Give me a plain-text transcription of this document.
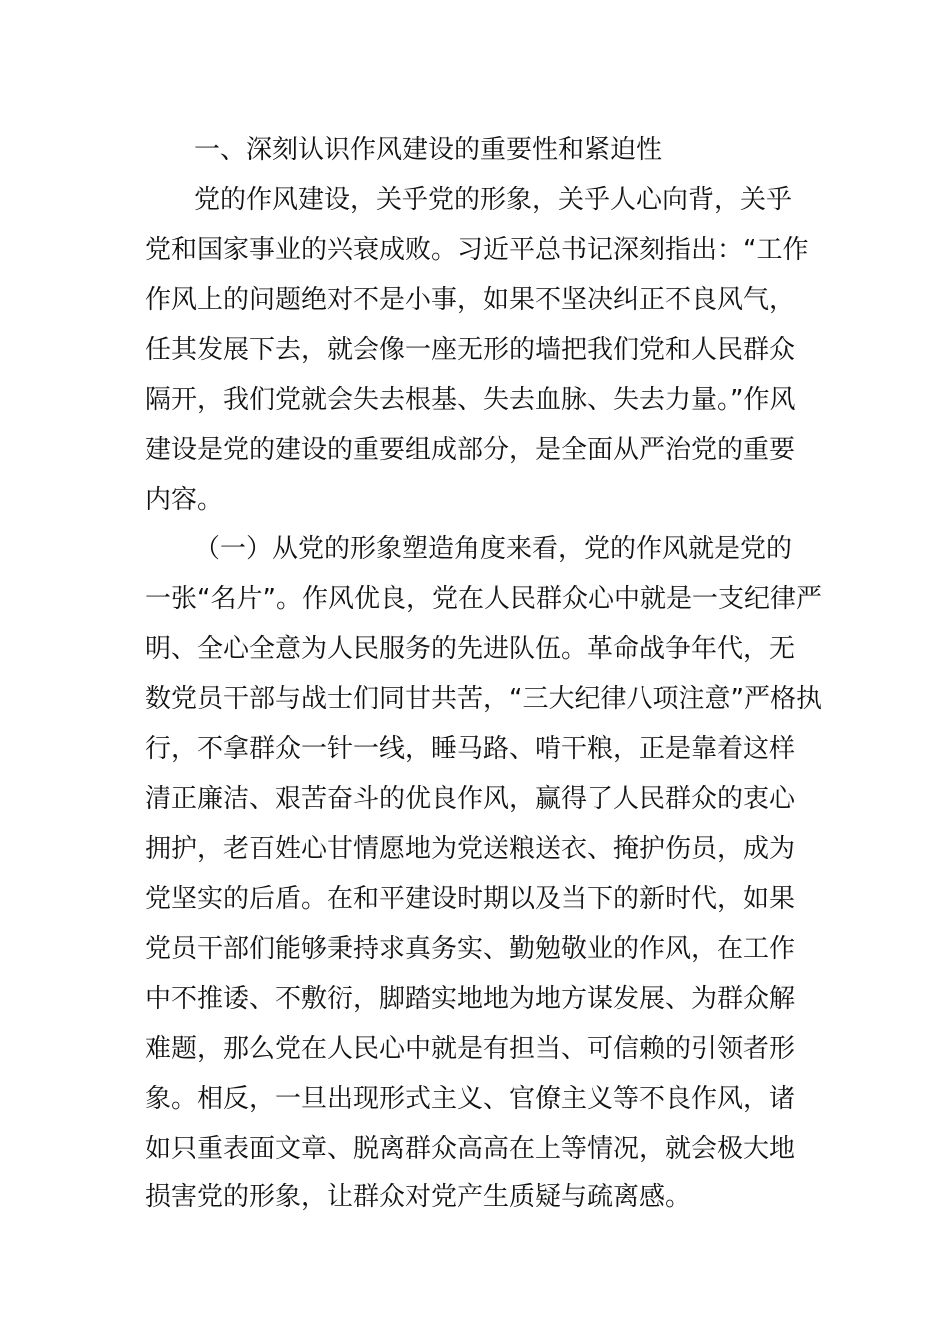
一、深刻认识作风建设的重要性和紧迫性
党的作风建设，关乎党的形象，关乎人心向背，关乎
党和国家事业的兴衰成败。习近平总书记深刻指出：“工作
作风上的问题绝对不是小事，如果不坚决纠正不良风气，
任其发展下去，就会像一座无形的墙把我们党和人民群众
隔开，我们党就会失去根基、失去血脉、失去力量。”作风
建设是党的建设的重要组成部分，是全面从严治党的重要
内容。
（一）从党的形象塑造角度来看，党的作风就是党的
一张“名片”。作风优良，党在人民群众心中就是一支纪律严
明、全心全意为人民服务的先进队伍。革命战争年代，无
数党员干部与战士们同甘共苦，“三大纪律八项注意”严格执
行，不拿群众一针一线，睡马路、啃干粮，正是靠着这样
清正廉洁、艰苦奋斗的优良作风，赢得了人民群众的衷心
拥护，老百姓心甘情愿地为党送粮送衣、掩护伤员，成为
党坚实的后盾。在和平建设时期以及当下的新时代，如果
党员干部们能够秉持求真务实、勤勉敬业的作风，在工作
中不推诿、不敷衍，脚踏实地地为地方谋发展、为群众解
难题，那么党在人民心中就是有担当、可信赖的引领者形
象。相反，一旦出现形式主义、官僚主义等不良作风，诸
如只重表面文章、脱离群众高高在上等情况，就会极大地
损害党的形象，让群众对党产生质疑与疏离感。
